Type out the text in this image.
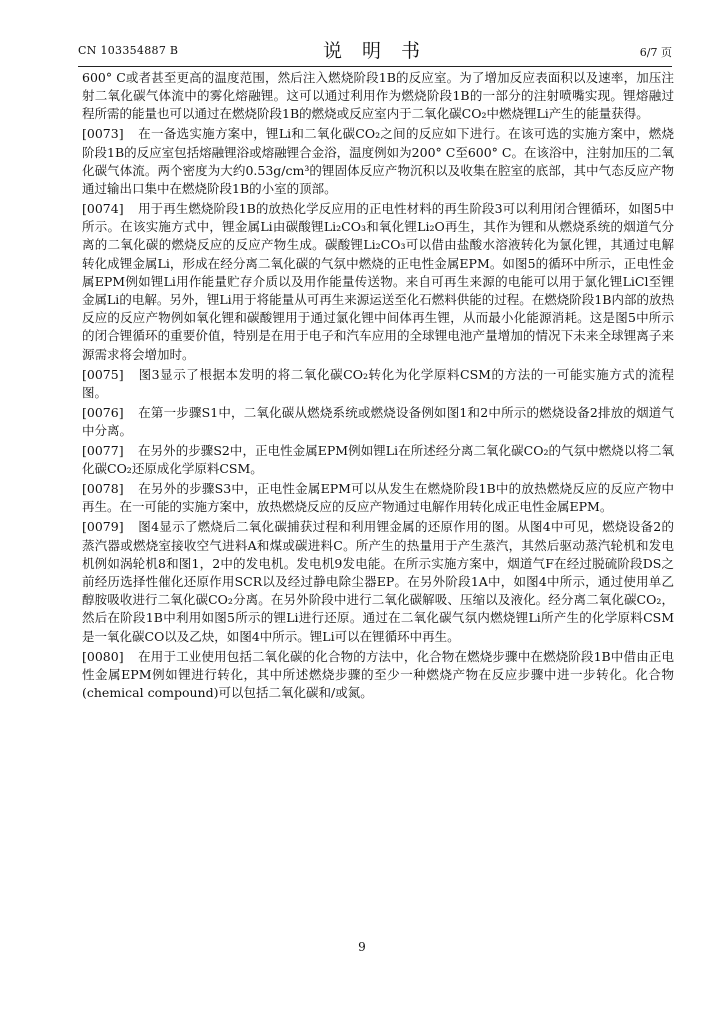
CN 103354887 B	说 明 书	6/7 页

600° C或者甚至更高的温度范围，然后注入燃烧阶段1B的反应室。为了增加反应表面积以及速率，加压注射二氧化碳气体流中的雾化熔融锂。这可以通过利用作为燃烧阶段1B的一部分的注射喷嘴实现。锂熔融过程所需的能量也可以通过在燃烧阶段1B的燃烧或反应室内于二氧化碳CO₂中燃烧锂Li产生的能量获得。

[0073] 在一备选实施方案中，锂Li和二氧化碳CO₂之间的反应如下进行。在该可选的实施方案中，燃烧阶段1B的反应室包括熔融锂浴或熔融锂合金浴，温度例如为200° C至600° C。在该浴中，注射加压的二氧化碳气体流。两个密度为大约0.53g/cm³的锂固体反应产物沉积以及收集在腔室的底部，其中气态反应产物通过输出口集中在燃烧阶段1B的小室的顶部。

[0074] 用于再生燃烧阶段1B的放热化学反应用的正电性材料的再生阶段3可以利用闭合锂循环，如图5中所示。在该实施方式中，锂金属Li由碳酸锂Li₂CO₃和氧化锂Li₂O再生，其作为锂和从燃烧系统的烟道气分离的二氧化碳的燃烧反应的反应产物生成。碳酸锂Li₂CO₃可以借由盐酸水溶液转化为氯化锂，其通过电解转化成锂金属Li，形成在经分离二氧化碳的气氛中燃烧的正电性金属EPM。如图5的循环中所示，正电性金属EPM例如锂Li用作能量贮存介质以及用作能量传送物。来自可再生来源的电能可以用于氯化锂LiCl至锂金属Li的电解。另外，锂Li用于将能量从可再生来源运送至化石燃料供能的过程。在燃烧阶段1B内部的放热反应的反应产物例如氧化锂和碳酸锂用于通过氯化锂中间体再生锂，从而最小化能源消耗。这是图5中所示的闭合锂循环的重要价值，特别是在用于电子和汽车应用的全球锂电池产量增加的情况下未来全球锂离子来源需求将会增加时。

[0075] 图3显示了根据本发明的将二氧化碳CO₂转化为化学原料CSM的方法的一可能实施方式的流程图。

[0076] 在第一步骤S1中，二氧化碳从燃烧系统或燃烧设备例如图1和2中所示的燃烧设备2排放的烟道气中分离。

[0077] 在另外的步骤S2中，正电性金属EPM例如锂Li在所述经分离二氧化碳CO₂的气氛中燃烧以将二氧化碳CO₂还原成化学原料CSM。

[0078] 在另外的步骤S3中，正电性金属EPM可以从发生在燃烧阶段1B中的放热燃烧反应的反应产物中再生。在一可能的实施方案中，放热燃烧反应的反应产物通过电解作用转化成正电性金属EPM。

[0079] 图4显示了燃烧后二氧化碳捕获过程和利用锂金属的还原作用的图。从图4中可见，燃烧设备2的蒸汽器或燃烧室接收空气进料A和煤或碳进料C。所产生的热量用于产生蒸汽，其然后驱动蒸汽轮机和发电机例如涡轮机8和图1，2中的发电机。发电机9发电能。在所示实施方案中，烟道气F在经过脱硫阶段DS之前经历选择性催化还原作用SCR以及经过静电除尘器EP。在另外阶段1A中，如图4中所示，通过使用单乙醇胺吸收进行二氧化碳CO₂分离。在另外阶段中进行二氧化碳解吸、压缩以及液化。经分离二氧化碳CO₂，然后在阶段1B中利用如图5所示的锂Li进行还原。通过在二氧化碳气氛内燃烧锂Li所产生的化学原料CSM是一氧化碳CO以及乙炔，如图4中所示。锂Li可以在锂循环中再生。

[0080] 在用于工业使用包括二氧化碳的化合物的方法中，化合物在燃烧步骤中在燃烧阶段1B中借由正电性金属EPM例如锂进行转化，其中所述燃烧步骤的至少一种燃烧产物在反应步骤中进一步转化。化合物(chemical compound)可以包括二氧化碳和/或氮。

9
